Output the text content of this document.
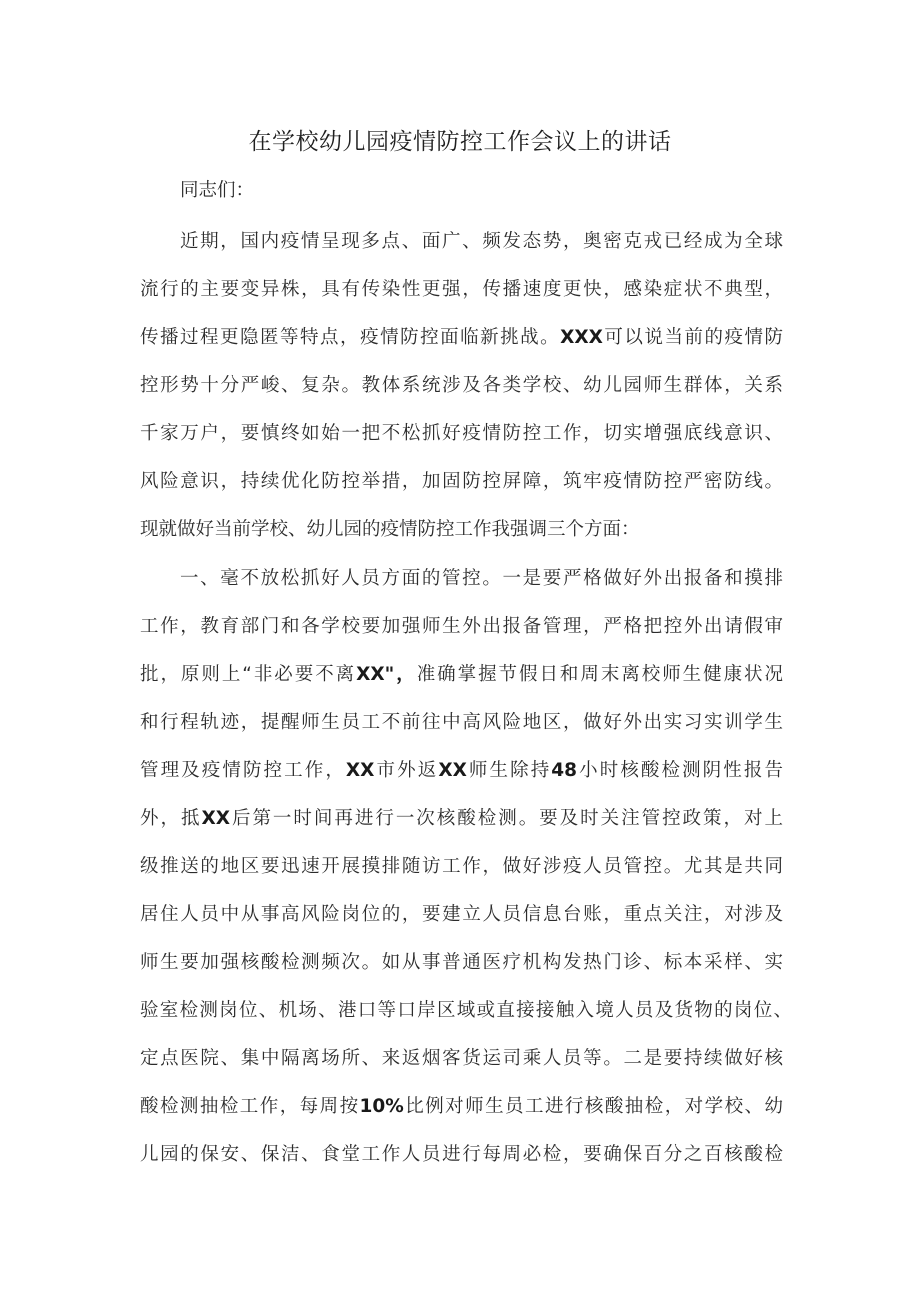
在学校幼儿园疫情防控工作会议上的讲话
同志们：
近期，国内疫情呈现多点、面广、频发态势，奥密克戎已经成为全球
流行的主要变异株，具有传染性更强，传播速度更快，感染症状不典型，
传播过程更隐匿等特点，疫情防控面临新挑战。XXX可以说当前的疫情防
控形势十分严峻、复杂。教体系统涉及各类学校、幼儿园师生群体，关系
千家万户，要慎终如始一把不松抓好疫情防控工作，切实增强底线意识、
风险意识，持续优化防控举措，加固防控屏障，筑牢疫情防控严密防线。
现就做好当前学校、幼儿园的疫情防控工作我强调三个方面：
一、毫不放松抓好人员方面的管控。一是要严格做好外出报备和摸排
工作，教育部门和各学校要加强师生外出报备管理，严格把控外出请假审
批，原则上“非必要不离XX"，准确掌握节假日和周末离校师生健康状况
和行程轨迹，提醒师生员工不前往中高风险地区，做好外出实习实训学生
管理及疫情防控工作，XX市外返XX师生除持48小时核酸检测阴性报告
外，抵XX后第一时间再进行一次核酸检测。要及时关注管控政策，对上
级推送的地区要迅速开展摸排随访工作，做好涉疫人员管控。尤其是共同
居住人员中从事高风险岗位的，要建立人员信息台账，重点关注，对涉及
师生要加强核酸检测频次。如从事普通医疗机构发热门诊、标本采样、实
验室检测岗位、机场、港口等口岸区域或直接接触入境人员及货物的岗位、
定点医院、集中隔离场所、来返烟客货运司乘人员等。二是要持续做好核
酸检测抽检工作，每周按10%比例对师生员工进行核酸抽检，对学校、幼
儿园的保安、保洁、食堂工作人员进行每周必检，要确保百分之百核酸检
